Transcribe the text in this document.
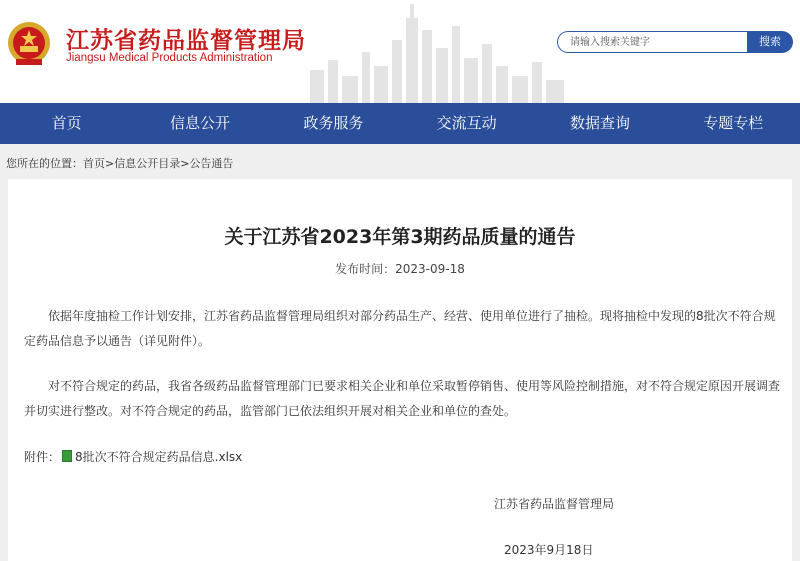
江苏省药品监督管理局
Jiangsu Medical Products Administration
请输入搜索关键字
搜索
首页	信息公开	政务服务	交流互动	数据查询	专题专栏
您所在的位置：首页>信息公开目录>公告通告
关于江苏省2023年第3期药品质量的通告
发布时间：2023-09-18

依据年度抽检工作计划安排，江苏省药品监督管理局组织对部分药品生产、经营、使用单位进行了抽检。现将抽检中发现的8批次不符合规定药品信息予以通告（详见附件）。

对不符合规定的药品，我省各级药品监督管理部门已要求相关企业和单位采取暂停销售、使用等风险控制措施，对不符合规定原因开展调查并切实进行整改。对不符合规定的药品，监管部门已依法组织开展对相关企业和单位的查处。

附件： 8批次不符合规定药品信息.xlsx
江苏省药品监督管理局
2023年9月18日
